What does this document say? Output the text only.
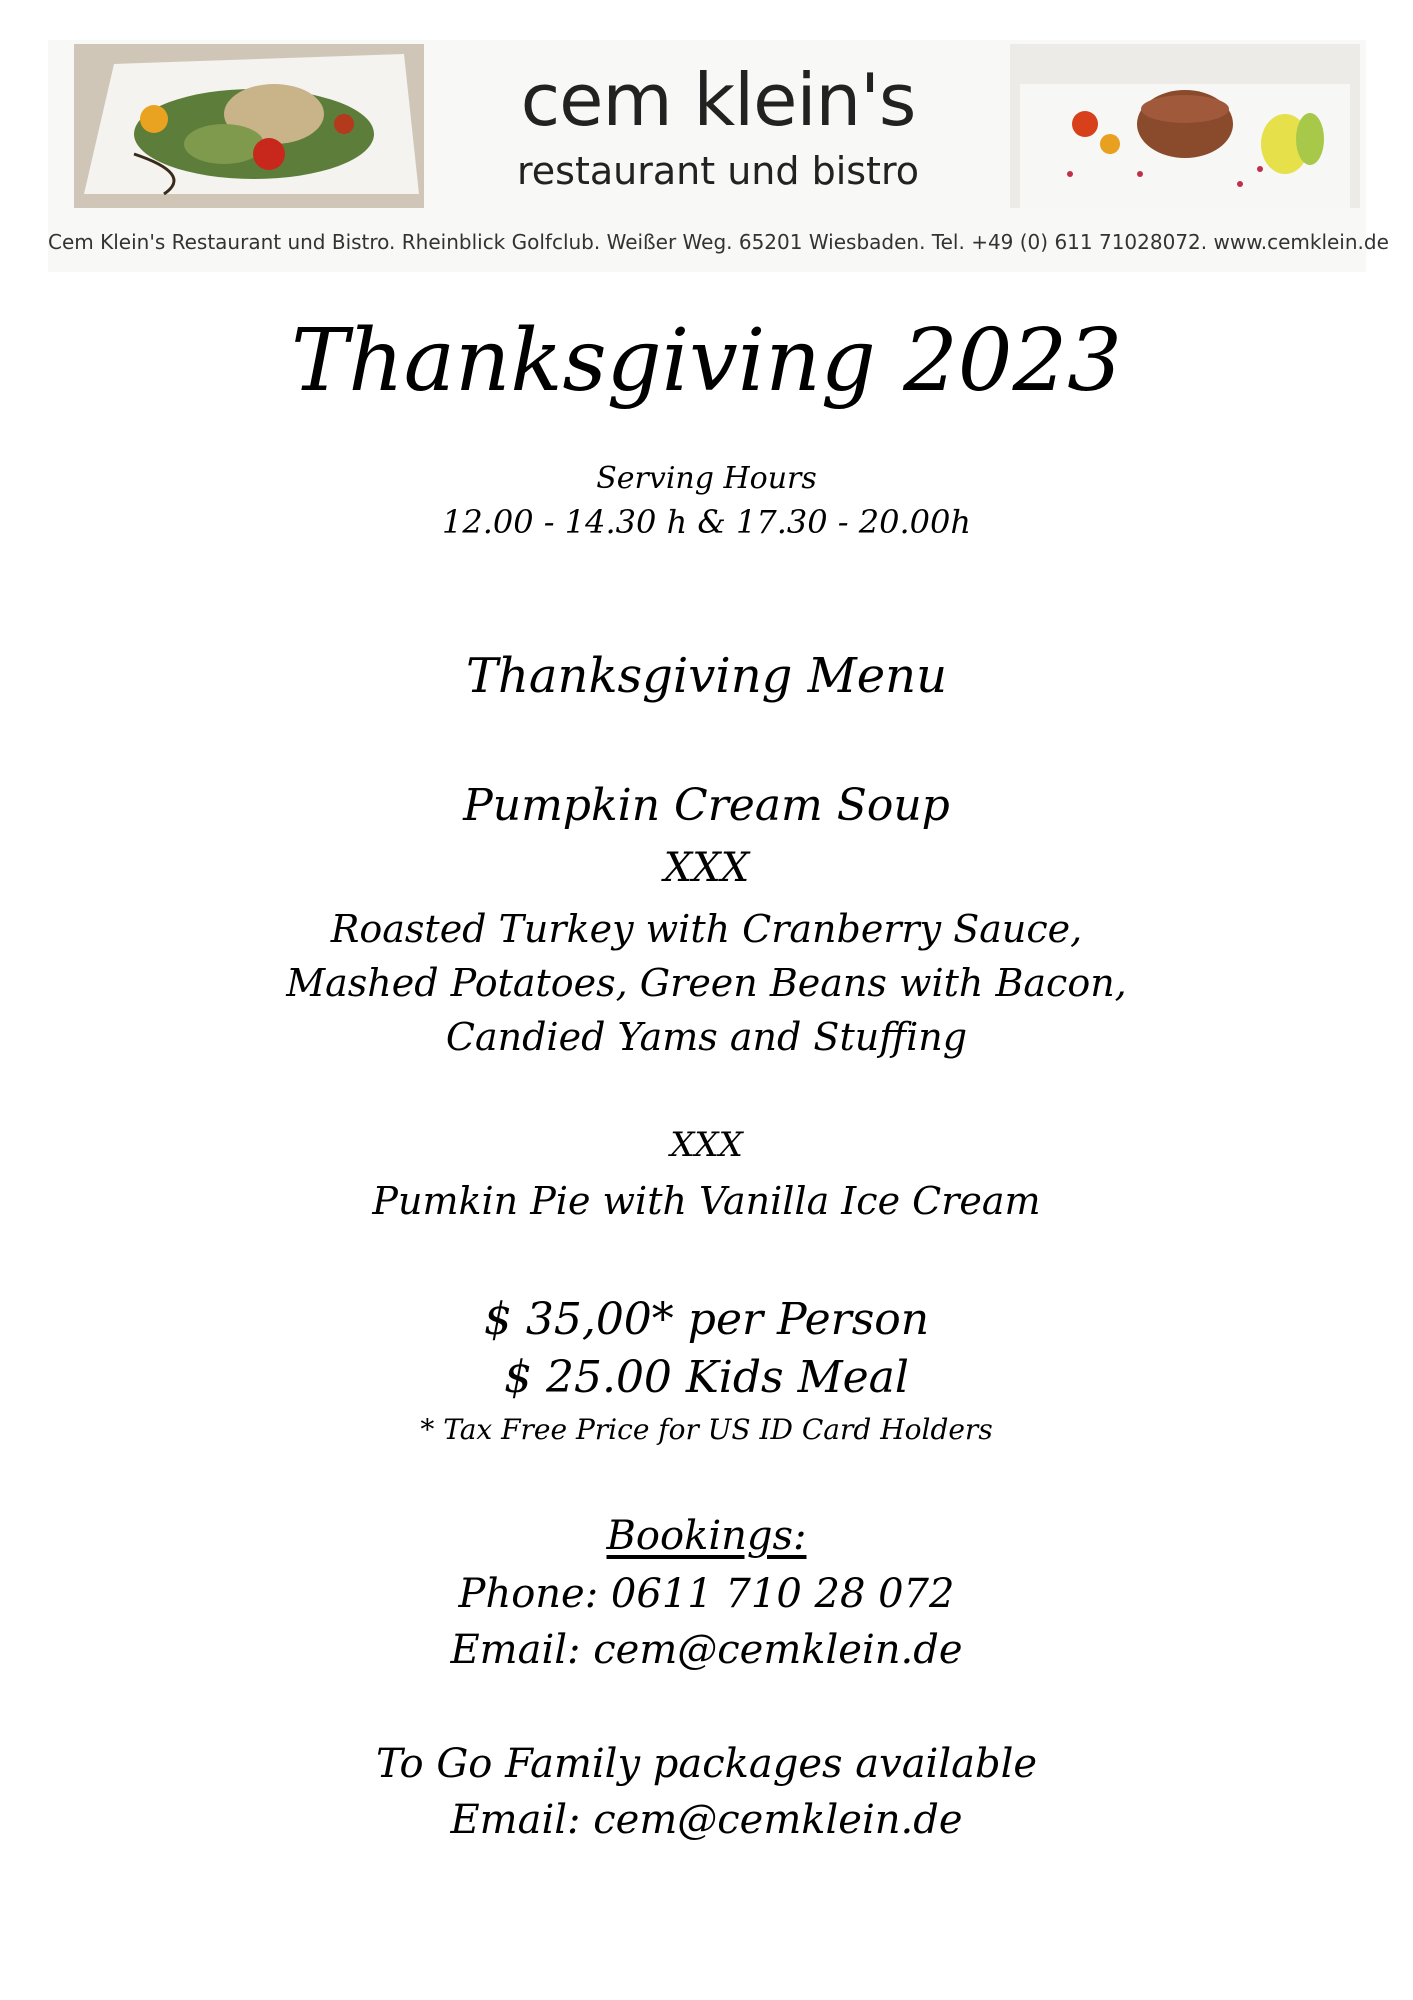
cem klein's
restaurant und bistro
Cem Klein's Restaurant und Bistro. Rheinblick Golfclub. Weißer Weg. 65201 Wiesbaden. Tel. +49 (0) 611 71028072. www.cemklein.de
Thanksgiving 2023
Serving Hours
12.00 - 14.30 h & 17.30 - 20.00h
Thanksgiving Menu
Pumpkin Cream Soup
XXX
Roasted Turkey with Cranberry Sauce,
Mashed Potatoes, Green Beans with Bacon,
Candied Yams and Stuffing
XXX
Pumkin Pie with Vanilla Ice Cream
$ 35,00* per Person
$ 25.00 Kids Meal
* Tax Free Price for US ID Card Holders
Bookings:
Phone: 0611 710 28 072
Email: cem@cemklein.de
To Go Family packages available
Email: cem@cemklein.de
